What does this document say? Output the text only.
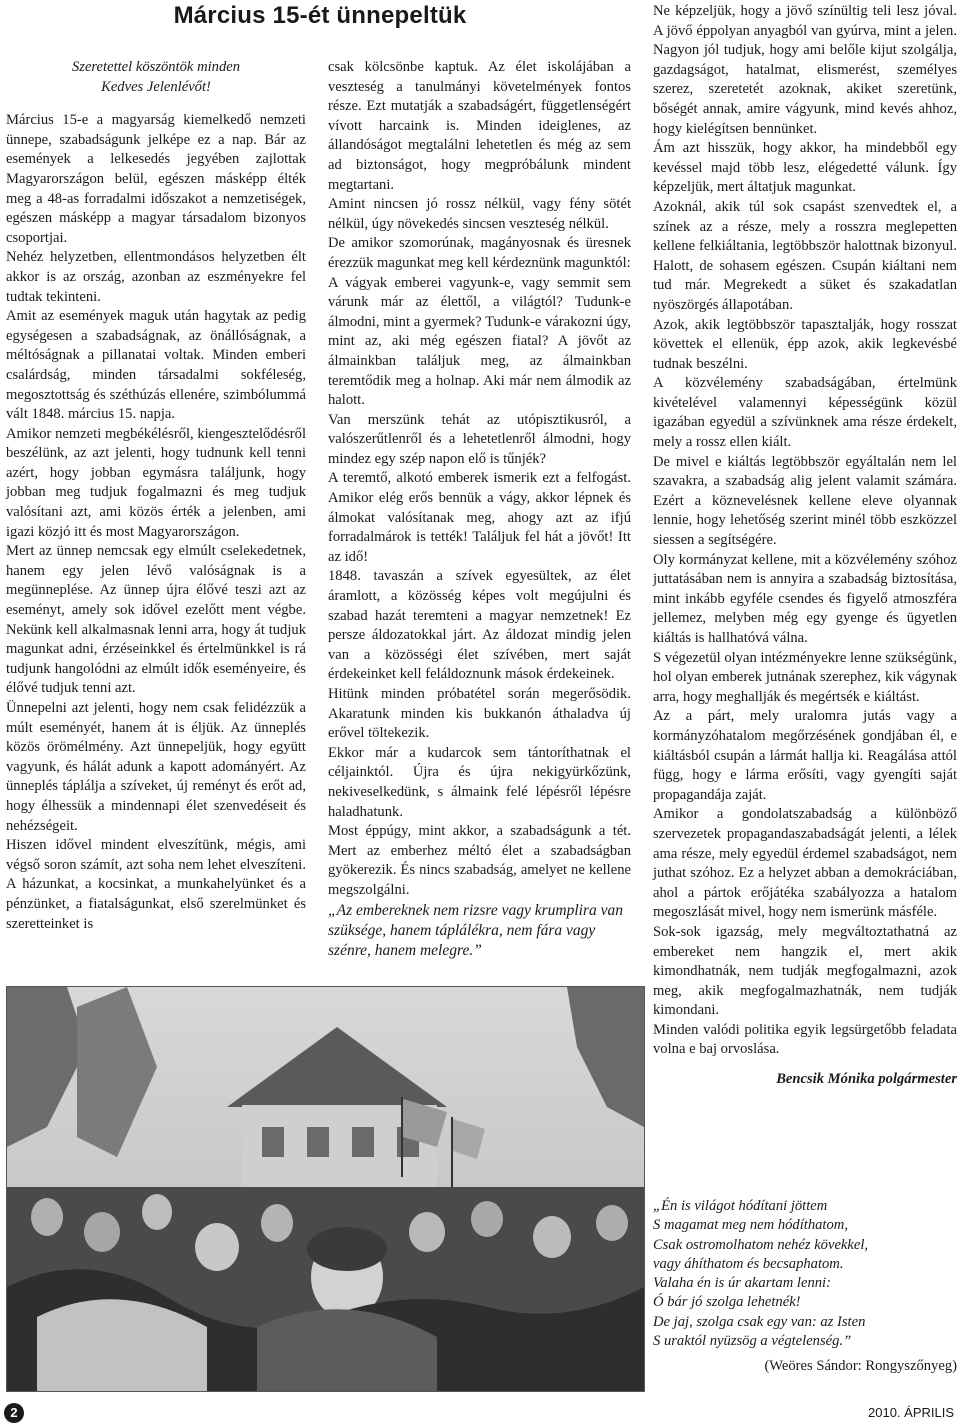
Március 15-ét ünnepeltük

Szeretettel köszöntök minden
Kedves Jelenlévőt!

Március 15-e a magyarság kiemelkedő nemzeti ünnepe, szabadságunk jelképe ez a nap. Bár az események a lelkesedés jegyében zajlottak Magyarországon belül, egészen másképp élték meg a 48-as forradalmi időszakot a nemzetiségek, egészen másképp a magyar társadalom bizonyos csoportjai.

Nehéz helyzetben, ellentmondásos helyzetben élt akkor is az ország, azonban az eszményekre fel tudtak tekinteni.

Amit az események maguk után hagytak az pedig egységesen a szabadságnak, az önállóságnak, a méltóságnak a pillanatai voltak. Minden emberi csalárdság, minden társadalmi sokféleség, megosztottság és széthúzás ellenére, szimbólummá vált 1848. március 15. napja.

Amikor nemzeti megbékélésről, kiengesztelődésről beszélünk, az azt jelenti, hogy tudnunk kell tenni azért, hogy jobban egymásra találjunk, hogy jobban meg tudjuk fogalmazni és meg tudjuk valósítani azt, ami közös érték a jelenben, ami igazi közjó itt és most Magyarországon.

Mert az ünnep nemcsak egy elmúlt cselekedetnek, hanem egy jelen lévő valóságnak is a megünneplése. Az ünnep újra élővé teszi azt az eseményt, amely sok idővel ezelőtt ment végbe. Nekünk kell alkalmasnak lenni arra, hogy át tudjuk magunkat adni, érzéseinkkel és értelmünkkel is rá tudjunk hangolódni az elmúlt idők eseményeire, és élővé tudjuk tenni azt.

Ünnepelni azt jelenti, hogy nem csak felidézzük a múlt eseményét, hanem át is éljük. Az ünneplés közös örömélmény. Azt ünnepeljük, hogy együtt vagyunk, és hálát adunk a kapott adományért. Az ünneplés táplálja a szíveket, új reményt és erőt ad, hogy élhessük a mindennapi élet szenvedéseit és nehézségeit.

Hiszen idővel mindent elveszítünk, mégis, ami végső soron számít, azt soha nem lehet elveszíteni. A házunkat, a kocsinkat, a munkahelyünket és a pénzünket, a fiatalságunkat, első szerelmünket és szeretteinket is

csak kölcsönbe kaptuk. Az élet iskolájában a veszteség a tanulmányi követelmények fontos része. Ezt mutatják a szabadságért, függetlenségért vívott harcaink is. Minden ideiglenes, az állandóságot megtalálni lehetetlen és még az sem ad biztonságot, hogy megpróbálunk mindent megtartani.

Amint nincsen jó rossz nélkül, vagy fény sötét nélkül, úgy növekedés sincsen veszteség nélkül.

De amikor szomorúnak, magányosnak és üresnek érezzük magunkat meg kell kérdeznünk magunktól:

A vágyak emberei vagyunk-e, vagy semmit sem várunk már az élettől, a világtól? Tudunk-e álmodni, mint a gyermek? Tudunk-e várakozni úgy, mint az, aki még egészen fiatal? A jövőt az álmainkban találjuk meg, az álmainkban teremtődik meg a holnap. Aki már nem álmodik az halott.

Van merszünk tehát az utópisztikusról, a valószerűtlenről és a lehetetlenről álmodni, hogy mindez egy szép napon elő is tűnjék?

A teremtő, alkotó emberek ismerik ezt a felfogást. Amikor elég erős bennük a vágy, akkor lépnek és álmokat valósítanak meg, ahogy azt az ifjú forradalmárok is tették! Találjuk fel hát a jövőt! Itt az idő!

1848. tavaszán a szívek egyesültek, az élet áramlott, a közösség képes volt megújulni és szabad hazát teremteni a magyar nemzetnek! Ez persze áldozatokkal járt. Az áldozat mindig jelen van a közösségi élet szívében, mert saját érdekeinket kell feláldoznunk mások érdekeinek.

Hitünk minden próbatétel során megerősödik. Akaratunk minden kis bukkanón áthaladva új erővel töltekezik.

Ekkor már a kudarcok sem tántoríthatnak el céljainktól. Újra és újra nekigyürkőzünk, nekiveselkedünk, s álmaink felé lépésről lépésre haladhatunk.

Most éppúgy, mint akkor, a szabadságunk a tét. Mert az emberhez méltó élet a szabadságban gyökerezik. És nincs szabadság, amelyet ne kellene megszolgálni.

„Az embereknek nem rizsre vagy krumplira van szüksége, hanem táplálékra, nem fára vagy szénre, hanem melegre.”

Ne képzeljük, hogy a jövő színültig teli lesz jóval. A jövő éppolyan anyagból van gyúrva, mint a jelen. Nagyon jól tudjuk, hogy ami belőle kijut szolgálja, gazdagságot, hatalmat, elismerést, személyes szerez, szeretetét azoknak, akiket szeretünk, bőségét annak, amire vágyunk, mind kevés ahhoz, hogy kielégítsen bennünket.

Ám azt hisszük, hogy akkor, ha mindebből egy kevéssel majd több lesz, elégedetté válunk. Így képzeljük, mert áltatjuk magunkat.

Azoknál, akik túl sok csapást szenvedtek el, a színek az a része, mely a rosszra meglepetten kellene felkiáltania, legtöbbször halottnak bizonyul. Halott, de sohasem egészen. Csupán kiáltani nem tud már. Megrekedt a süket és szakadatlan nyöszörgés állapotában.

Azok, akik legtöbbször tapasztalják, hogy rosszat követtek el ellenük, épp azok, akik legkevésbé tudnak beszélni.

A közvélemény szabadságában, értelmünk kivételével valamennyi képességünk közül igazában egyedül a szívünknek ama része érdekelt, mely a rossz ellen kiált.

De mivel e kiáltás legtöbbször egyáltalán nem lel szavakra, a szabadság alig jelent valamit számára. Ezért a köznevelésnek kellene eleve olyannak lennie, hogy lehetőség szerint minél több eszközzel siessen a segítségére.

Oly kormányzat kellene, mit a közvélemény szóhoz juttatásában nem is annyira a szabadság biztosítása, mint inkább egyféle csendes és figyelő atmoszféra jellemez, melyben még egy gyenge és ügyetlen kiáltás is hallhatóvá válna.

S végezetül olyan intézményekre lenne szükségünk, hol olyan emberek jutnának szerephez, kik vágynak arra, hogy meghallják és megértsék e kiáltást.

Az a párt, mely uralomra jutás vagy a kormányzóhatalom megőrzésének gondjában él, e kiáltásból csupán a lármát hallja ki. Reagálása attól függ, hogy e lárma erősíti, vagy gyengíti saját propagandája zaját.

Amikor a gondolatszabadság a különböző szervezetek propagandaszabadságát jelenti, a lélek ama része, mely egyedül érdemel szabadságot, nem juthat szóhoz. Ez a helyzet abban a demokráciában, ahol a pártok erőjátéka szabályozza a hatalom megoszlását mivel, hogy nem ismerünk másféle.

Sok-sok igazság, mely megváltoztathatná az embereket nem hangzik el, mert akik kimondhatnák, nem tudják megfogalmazni, azok meg, akik megfogalmazhatnák, nem tudják kimondani.

Minden valódi politika egyik legsürgetőbb feladata volna e baj orvoslása.

Bencsik Mónika polgármester

„Én is világot hódítani jöttem
S magamat meg nem hódíthatom,
Csak ostromolhatom nehéz kövekkel,
vagy áhíthatom és becsaphatom.
Valaha én is úr akartam lenni:
Ó bár jó szolga lehetnék!
De jaj, szolga csak egy van: az Isten
S uraktól nyüzsög a végtelenség.”
(Weöres Sándor: Rongyszőnyeg)
2	2010. ÁPRILIS
